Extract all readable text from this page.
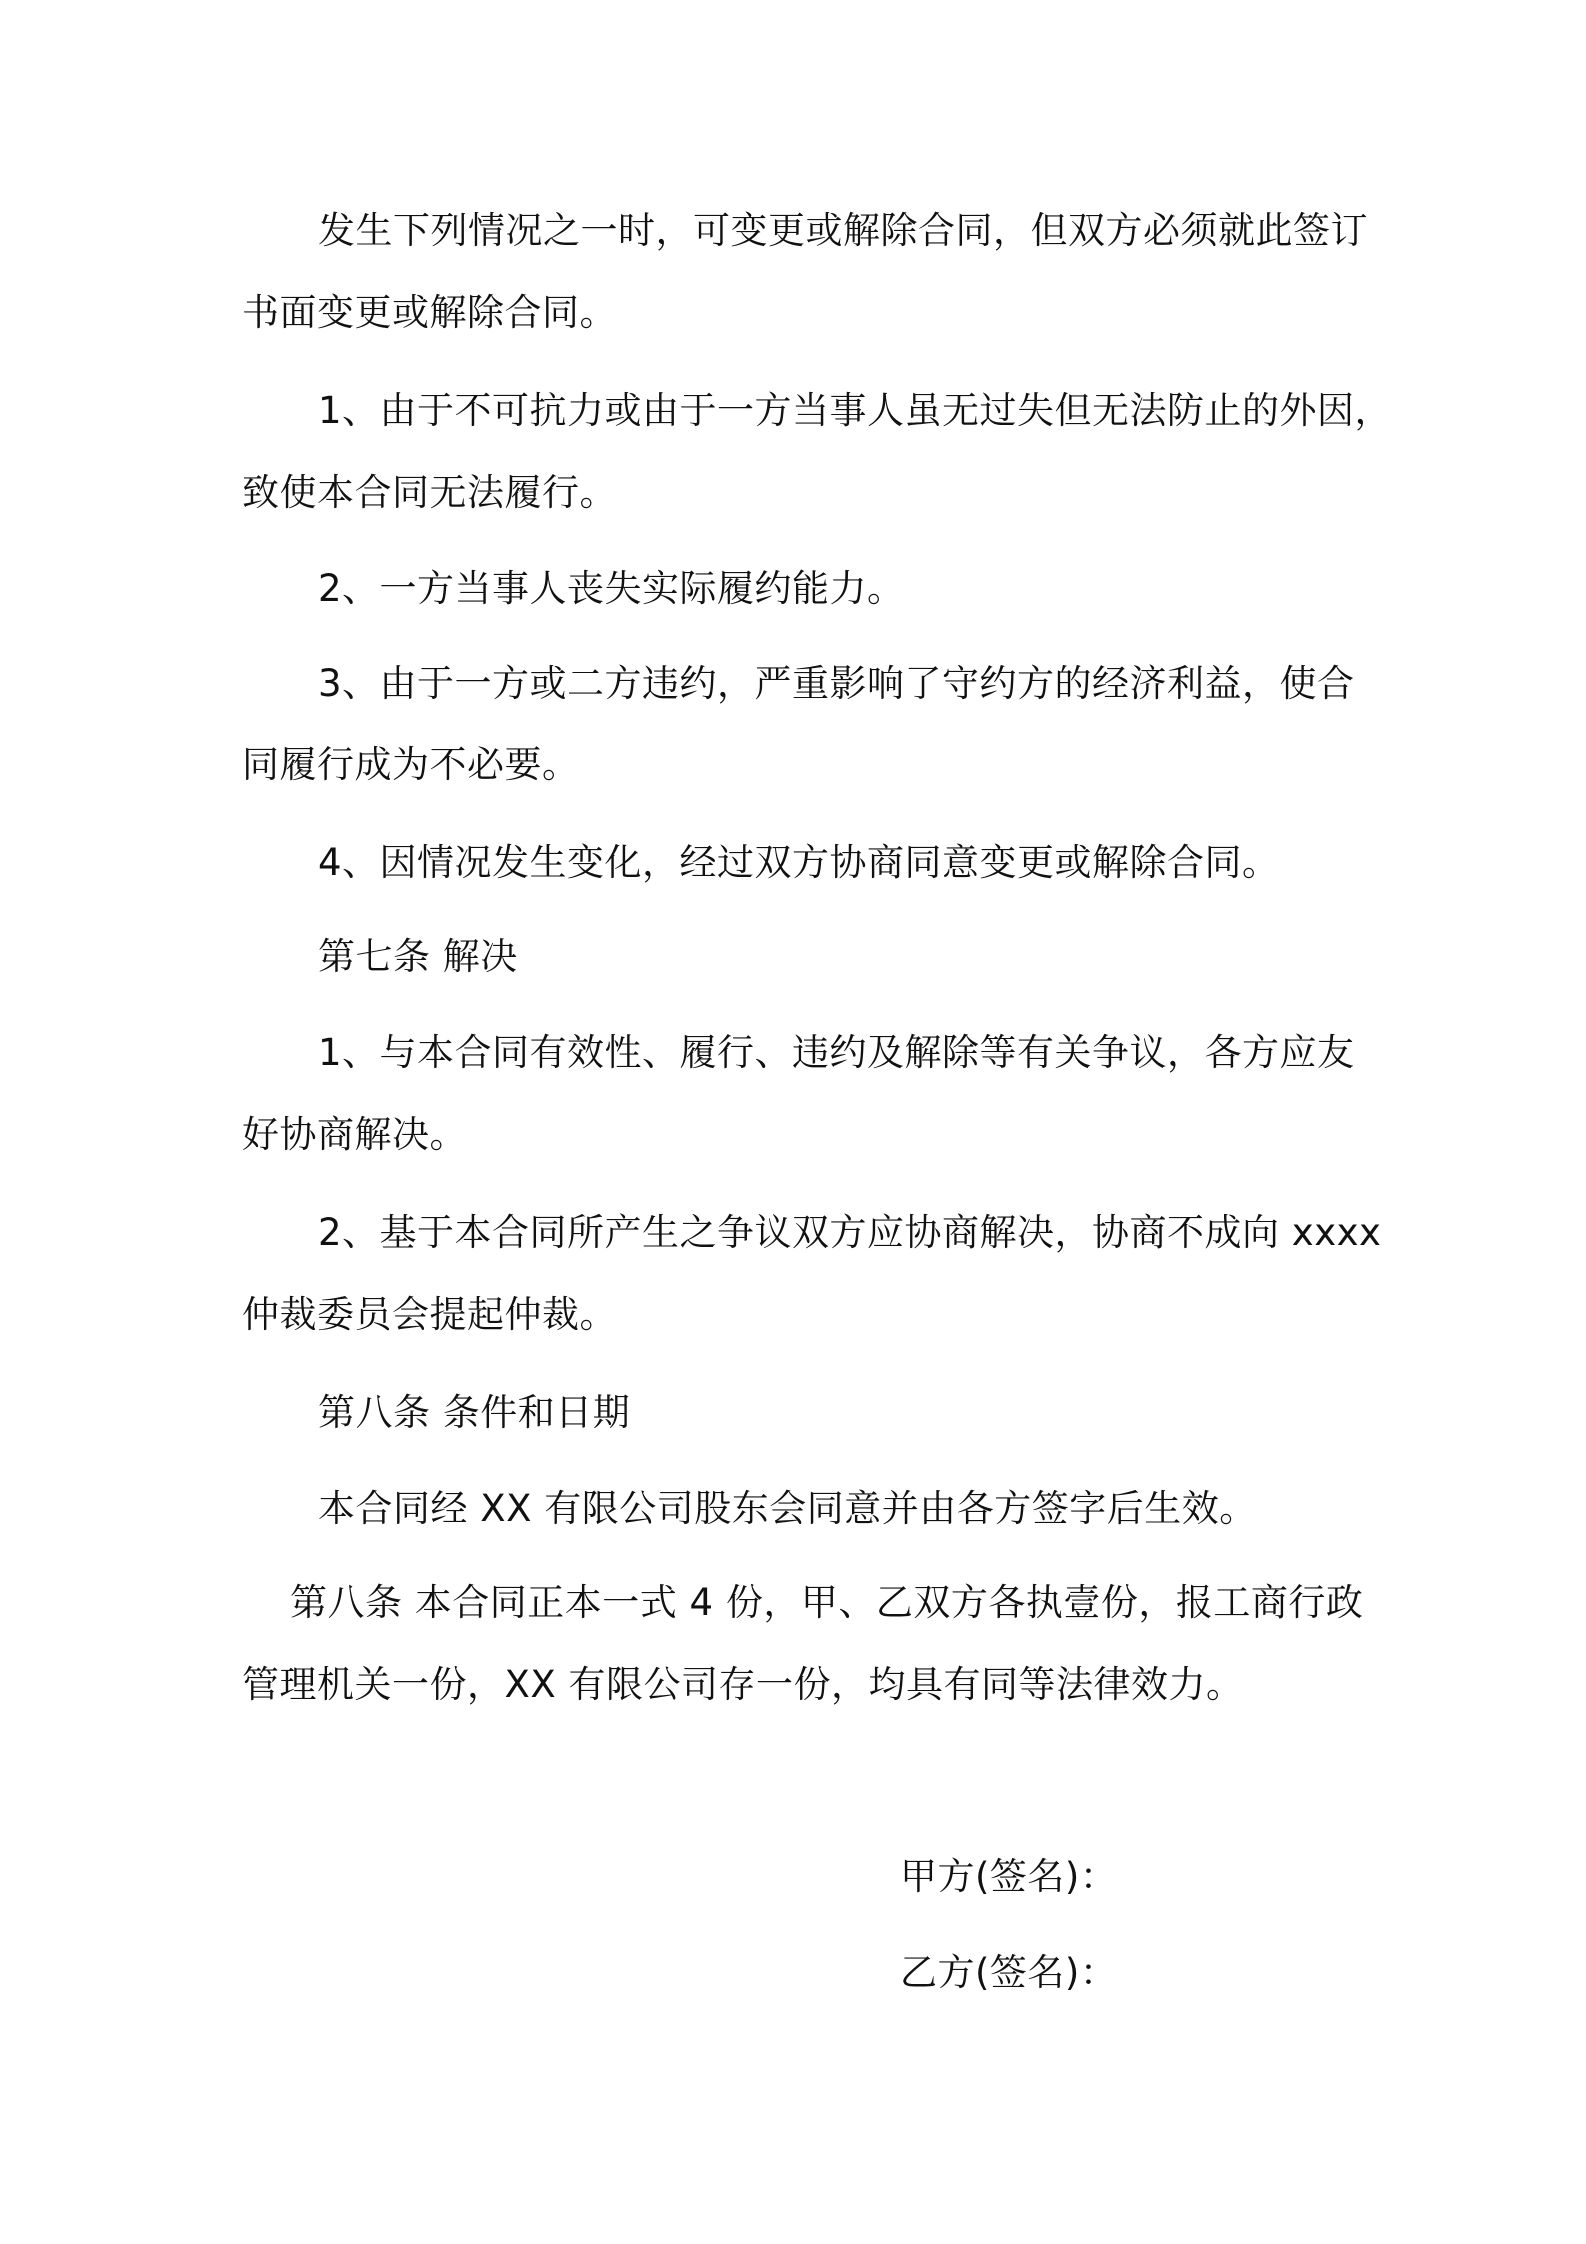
发生下列情况之一时，可变更或解除合同，但双方必须就此签订
书面变更或解除合同。
1、由于不可抗力或由于一方当事人虽无过失但无法防止的外因，
致使本合同无法履行。
2、一方当事人丧失实际履约能力。
3、由于一方或二方违约，严重影响了守约方的经济利益，使合
同履行成为不必要。
4、因情况发生变化，经过双方协商同意变更或解除合同。
第七条 解决
1、与本合同有效性、履行、违约及解除等有关争议，各方应友
好协商解决。
2、基于本合同所产生之争议双方应协商解决，协商不成向 xxxx
仲裁委员会提起仲裁。
第八条 条件和日期
本合同经 XX 有限公司股东会同意并由各方签字后生效。
第八条 本合同正本一式 4 份，甲、乙双方各执壹份，报工商行政
管理机关一份，XX 有限公司存一份，均具有同等法律效力。
甲方(签名)：
乙方(签名)：
